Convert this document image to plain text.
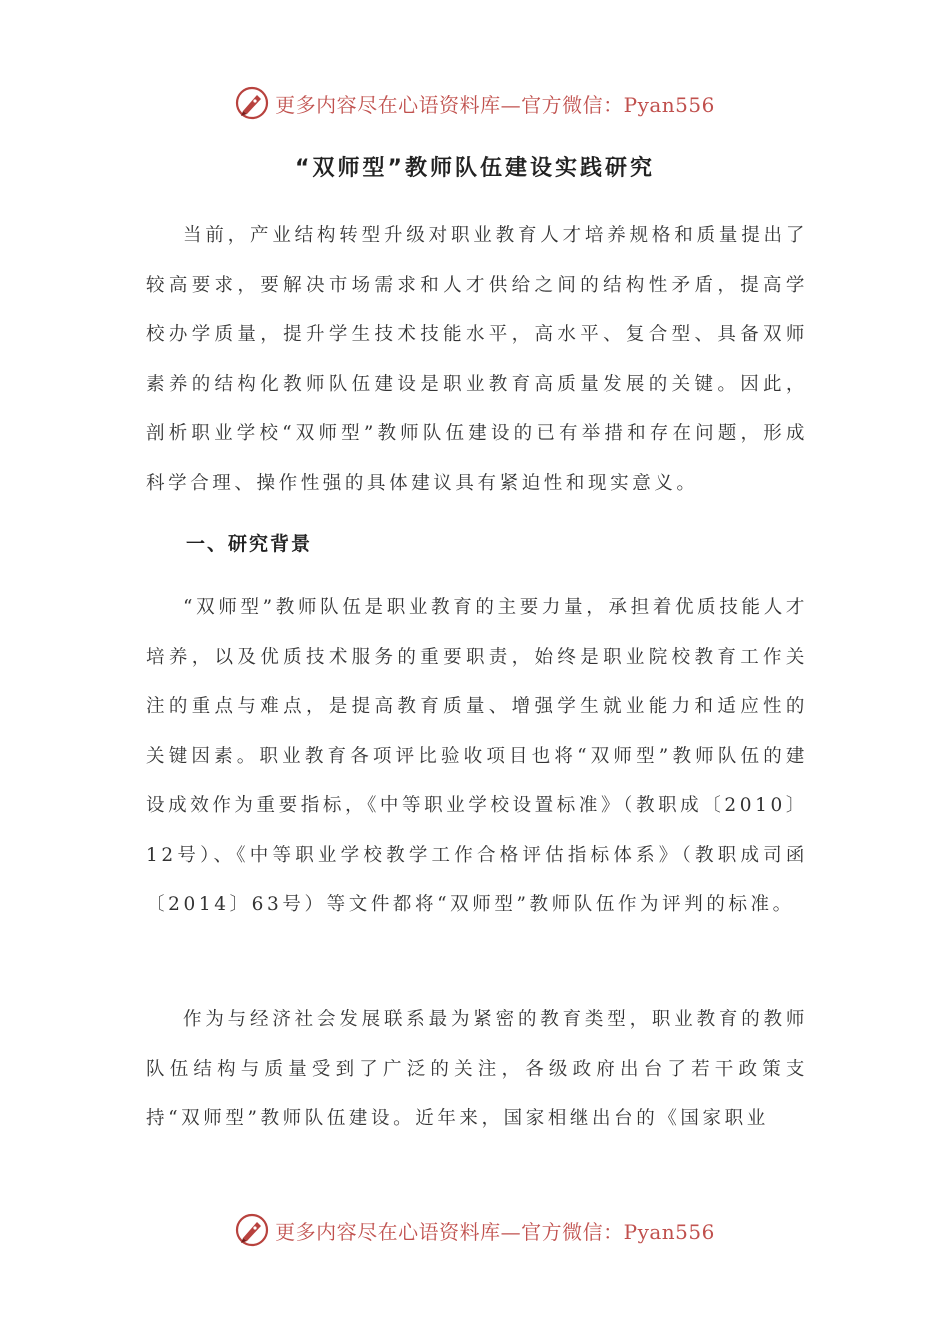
更多内容尽在心语资料库—官方微信：Pyan556
“双师型”教师队伍建设实践研究

当前，产业结构转型升级对职业教育人才培养规格和质量提出了较高要求，要解决市场需求和人才供给之间的结构性矛盾，提高学校办学质量，提升学生技术技能水平，高水平、复合型、具备双师素养的结构化教师队伍建设是职业教育高质量发展的关键。因此，剖析职业学校“双师型”教师队伍建设的已有举措和存在问题，形成科学合理、操作性强的具体建议具有紧迫性和现实意义。

一、研究背景

“双师型”教师队伍是职业教育的主要力量，承担着优质技能人才培养，以及优质技术服务的重要职责，始终是职业院校教育工作关注的重点与难点，是提高教育质量、增强学生就业能力和适应性的关键因素。职业教育各项评比验收项目也将“双师型”教师队伍的建设成效作为重要指标，《中等职业学校设置标准》（教职成〔2010〕12号）、《中等职业学校教学工作合格评估指标体系》（教职成司函〔2014〕63号）等文件都将“双师型”教师队伍作为评判的标准。

作为与经济社会发展联系最为紧密的教育类型，职业教育的教师队伍结构与质量受到了广泛的关注，各级政府出台了若干政策支持“双师型”教师队伍建设。近年来，国家相继出台的《国家职业

更多内容尽在心语资料库—官方微信：Pyan556
